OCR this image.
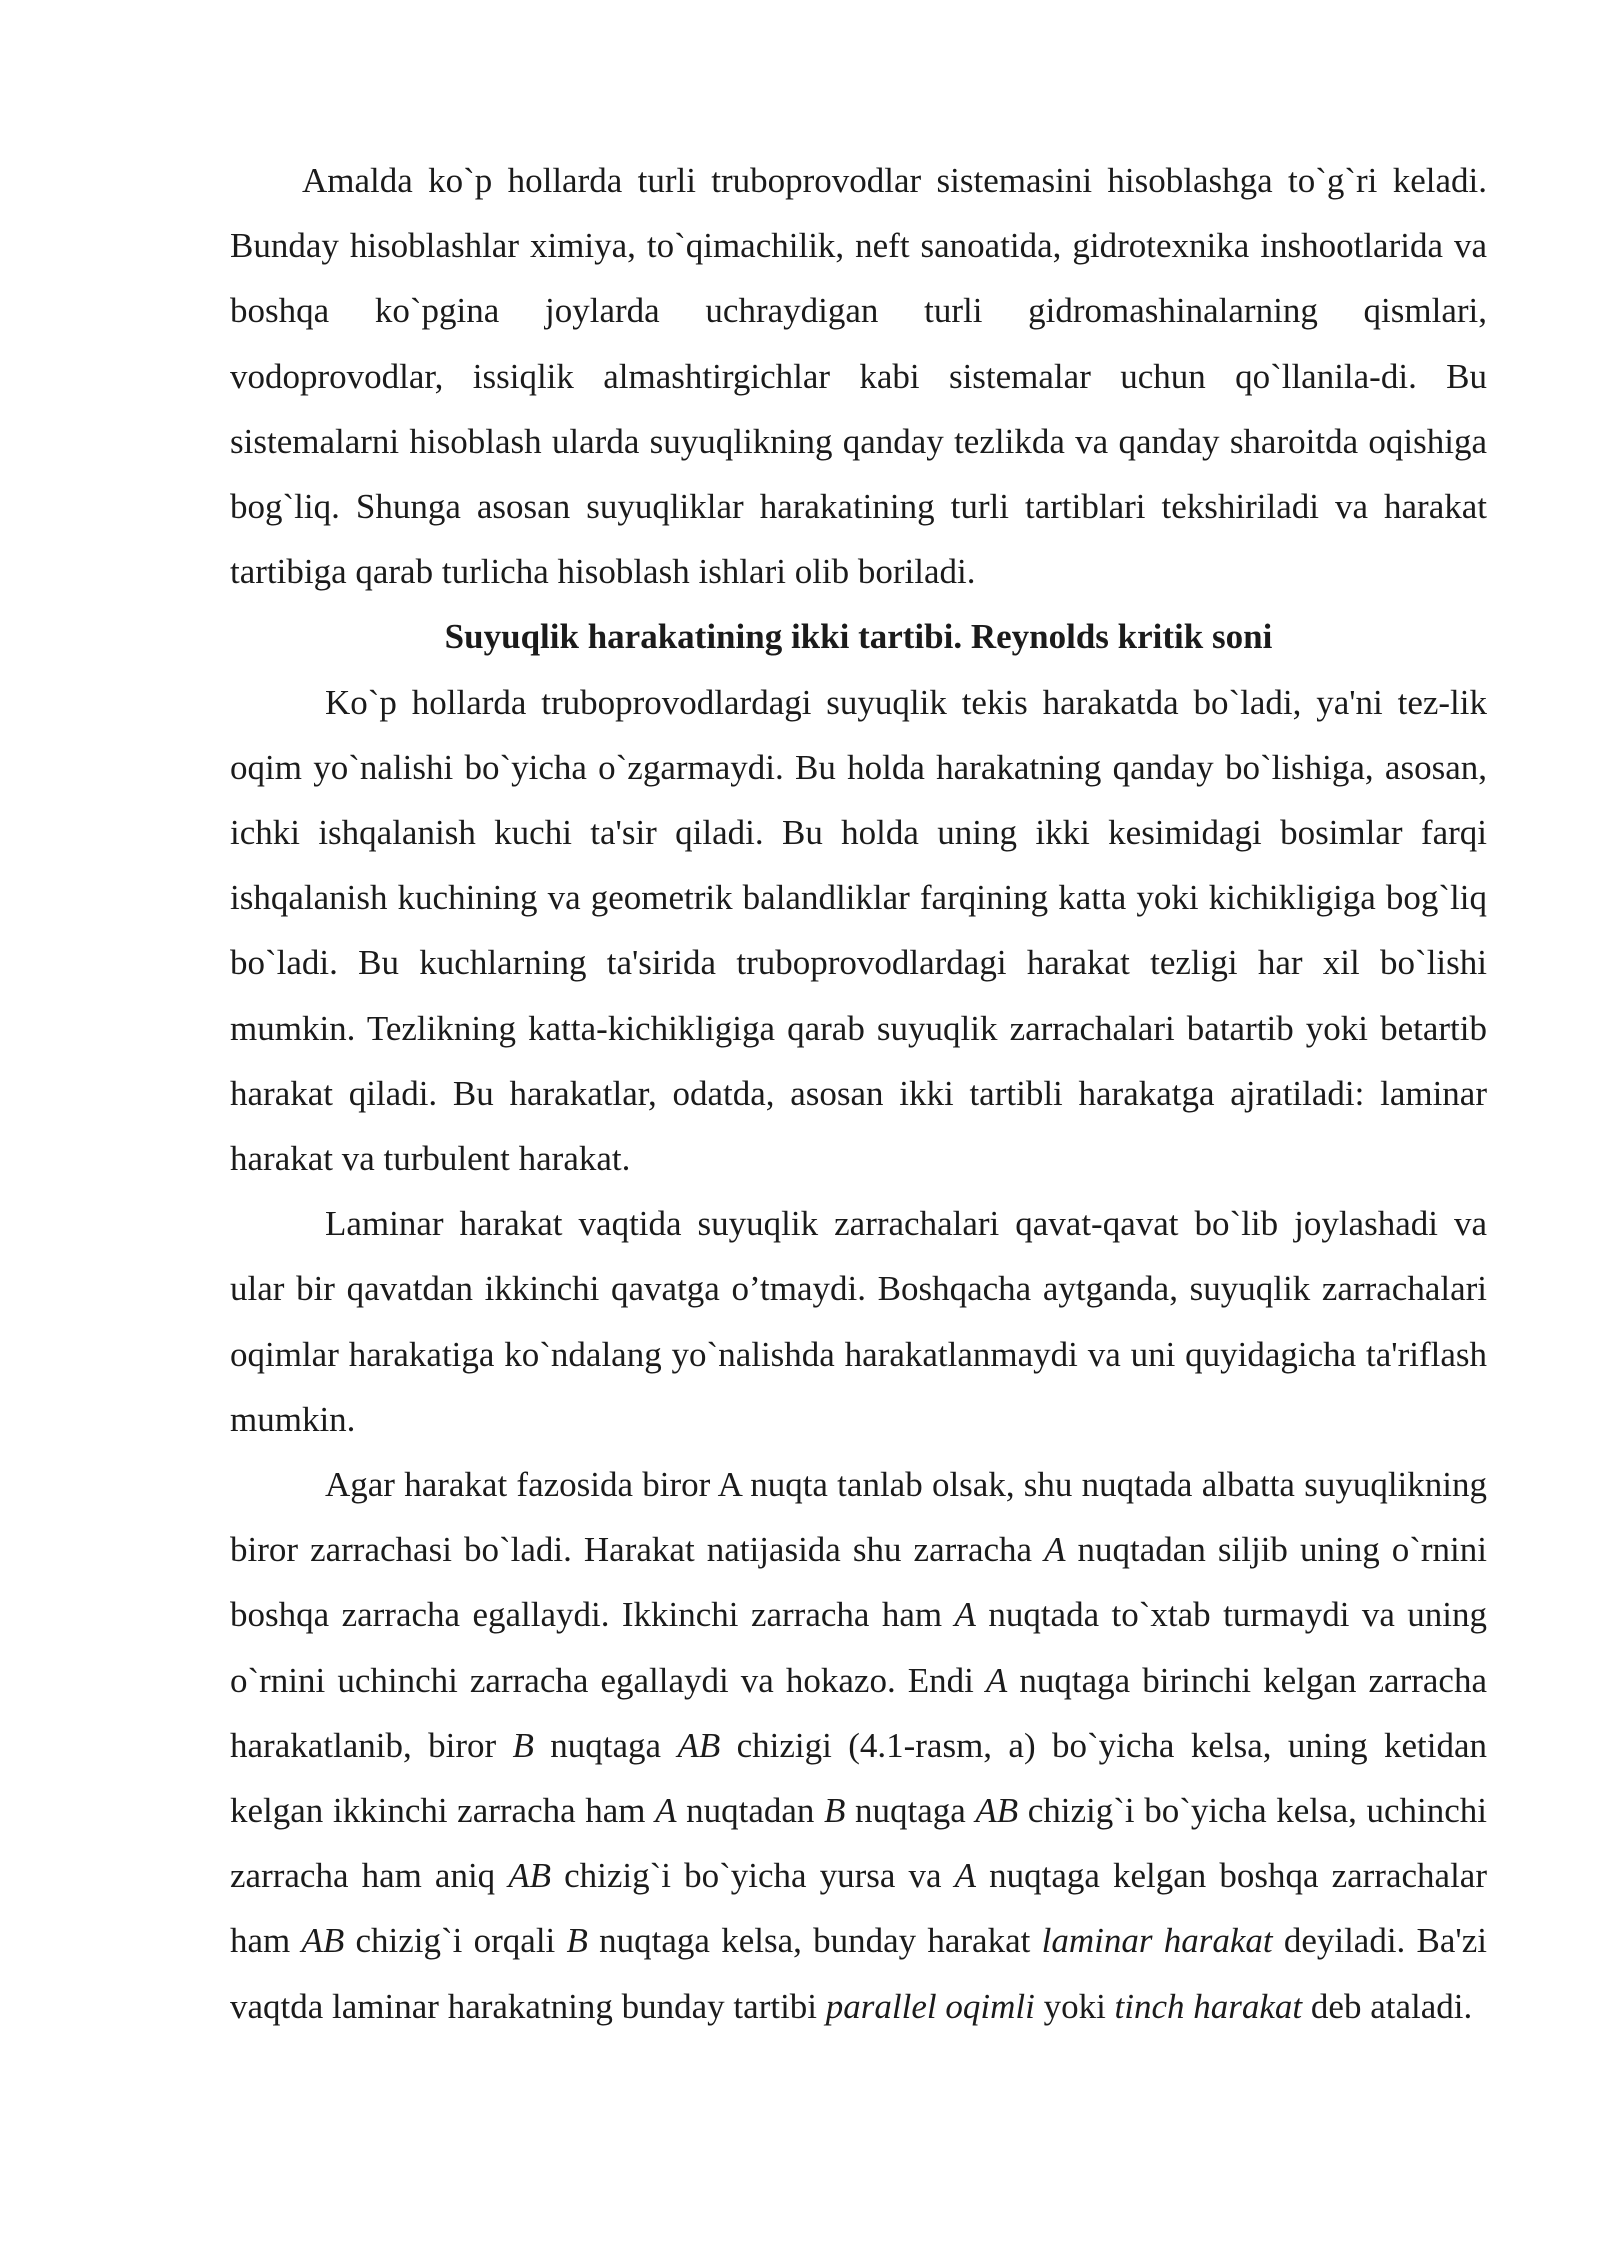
Amalda ko`p hollarda turli truboprovodlar sistemasini hisoblashga to`g`ri keladi. Bunday hisoblashlar ximiya, to`qimachilik, neft sanoatida, gidrotexnika inshootlarida va boshqa ko`pgina joylarda uchraydigan turli gidromashinalarning qismlari, vodoprovodlar, issiqlik almashtirgichlar kabi sistemalar uchun qo`llanila-di. Bu sistemalarni hisoblash ularda suyuqlikning qanday tezlikda va qanday sharoitda oqishiga bog`liq. Shunga asosan suyuqliklar harakatining turli tartiblari tekshiriladi va harakat tartibiga qarab turlicha hisoblash ishlari olib boriladi.

Suyuqlik harakatining ikki tartibi. Reynolds kritik soni

Ko`p hollarda truboprovodlardagi suyuqlik tekis harakatda bo`ladi, ya'ni tez-lik oqim yo`nalishi bo`yicha o`zgarmaydi. Bu holda harakatning qanday bo`lishiga, asosan, ichki ishqalanish kuchi ta'sir qiladi. Bu holda uning ikki kesimidagi bosimlar farqi ishqalanish kuchining va geometrik balandliklar farqining katta yoki kichikligiga bog`liq bo`ladi. Bu kuchlarning ta'sirida truboprovodlardagi harakat tezligi har xil bo`lishi mumkin. Tezlikning katta-kichikligiga qarab suyuqlik zarrachalari batartib yoki betartib harakat qiladi. Bu harakatlar, odatda, asosan ikki tartibli harakatga ajratiladi: laminar harakat va turbulent harakat.

Laminar harakat vaqtida suyuqlik zarrachalari qavat-qavat bo`lib joylashadi va ular bir qavatdan ikkinchi qavatga o’tmaydi. Boshqacha aytganda, suyuqlik zarrachalari oqimlar harakatiga ko`ndalang yo`nalishda harakatlanmaydi va uni quyidagicha ta'riflash mumkin.

Agar harakat fazosida biror A nuqta tanlab olsak, shu nuqtada albatta suyuqlikning biror zarrachasi bo`ladi. Harakat natijasida shu zarracha A nuqtadan siljib uning o`rnini boshqa zarracha egallaydi. Ikkinchi zarracha ham A nuqtada to`xtab turmaydi va uning o`rnini uchinchi zarracha egallaydi va hokazo. Endi A nuqtaga birinchi kelgan zarracha harakatlanib, biror B nuqtaga AB chizigi (4.1-rasm, a) bo`yicha kelsa, uning ketidan kelgan ikkinchi zarracha ham A nuqtadan B nuqtaga AB chizig`i bo`yicha kelsa, uchinchi zarracha ham aniq AB chizig`i bo`yicha yursa va A nuqtaga kelgan boshqa zarrachalar ham AB chizig`i orqali B nuqtaga kelsa, bunday harakat laminar harakat deyiladi. Ba'zi vaqtda laminar harakatning bunday tartibi parallel oqimli yoki tinch harakat deb ataladi.
